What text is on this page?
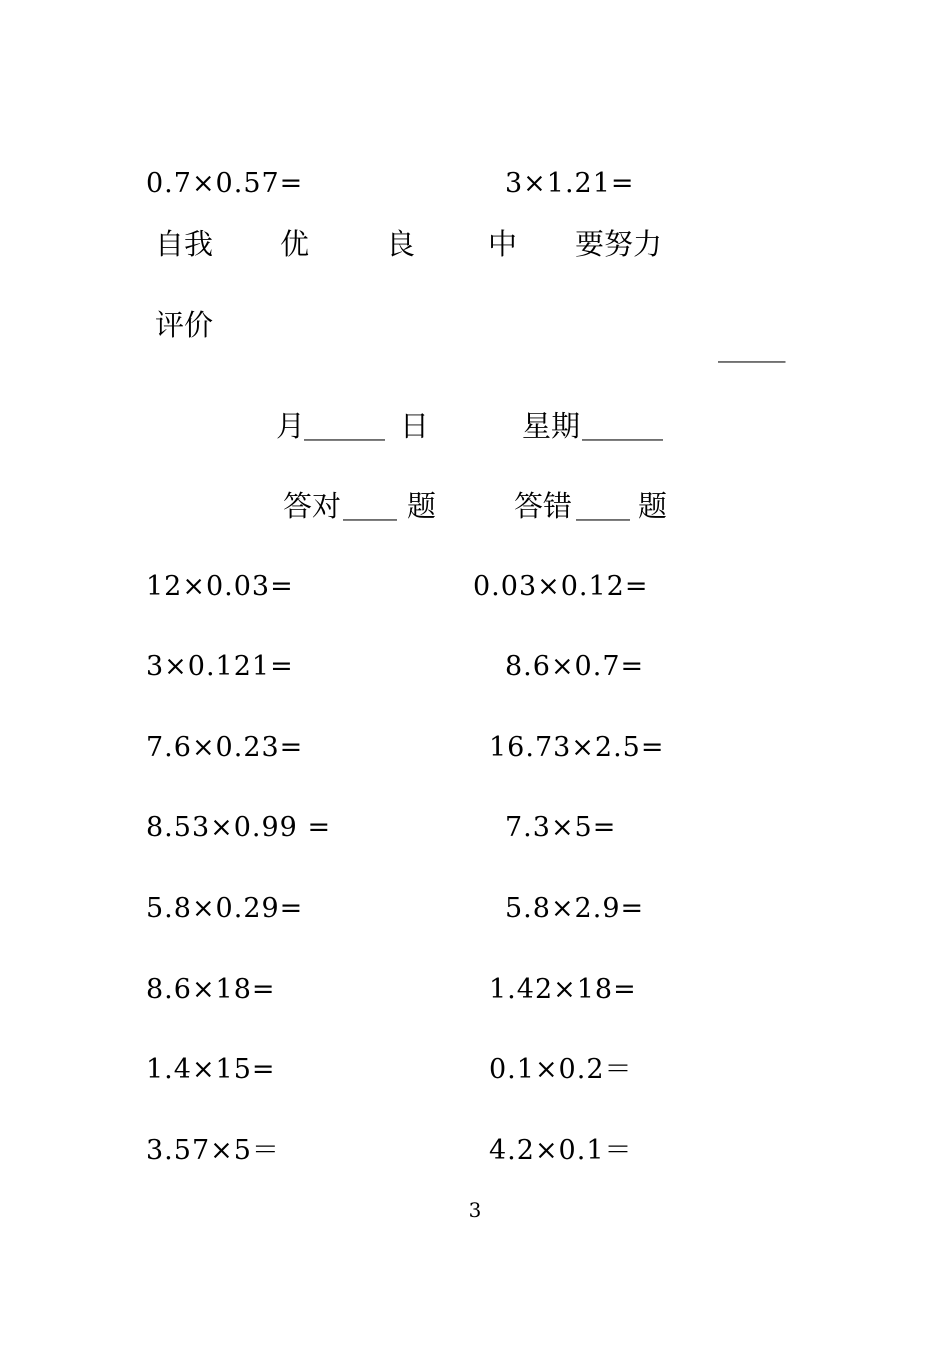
0.7×0.57=	3×1.21=
自我 优	良	中 要努力
评价
_____
月
______ 日	星期 ______
答对 ____ 题	答错 ____ 题
12×0.03=	0.03×0.12=
3×0.121=	8.6×0.7=
7.6×0.23=	16.73×2.5=
8.53×0.99 =	7.3×5=
5.8×0.29=	5.8×2.9=
8.6×18=	1.42×18=
1.4×15=	0.1×0.2＝
3.57×5＝	4.2×0.1＝
3
